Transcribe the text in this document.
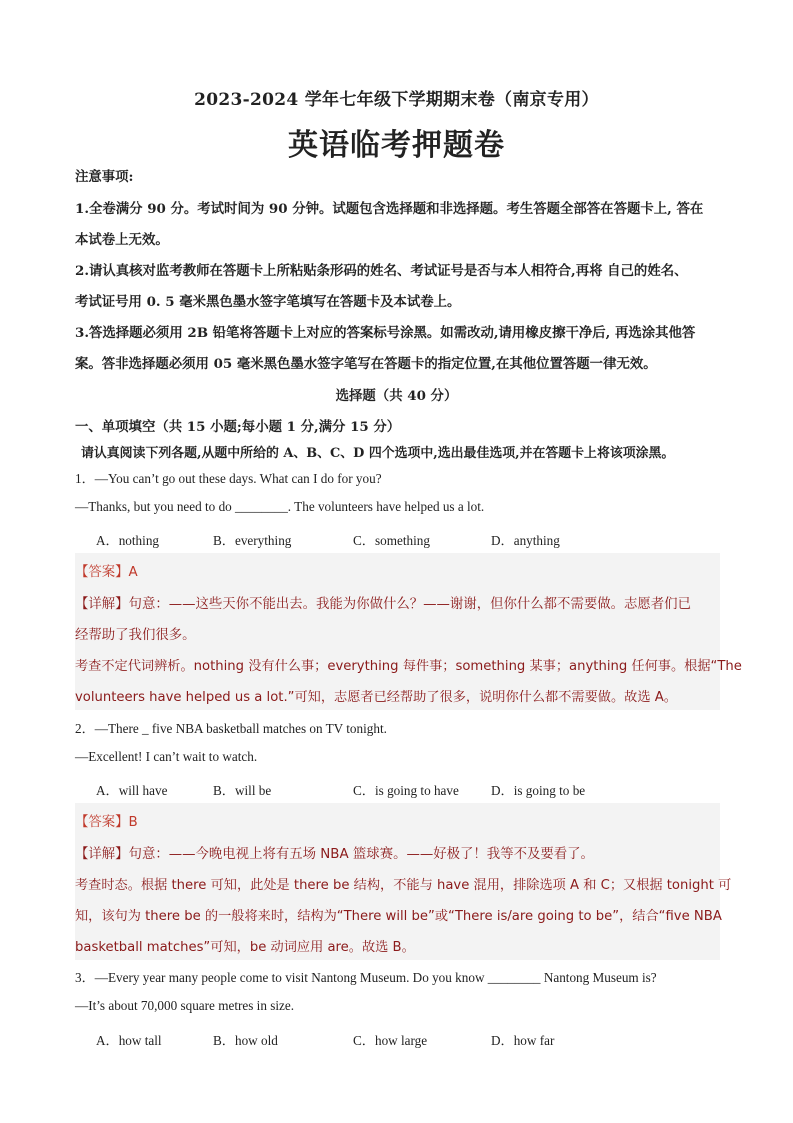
2023-2024 学年七年级下学期期末卷（南京专用）
英语临考押题卷
注意事项:
1.全卷满分 90 分。考试时间为 90 分钟。试题包含选择题和非选择题。考生答题全部答在答题卡上, 答在
本试卷上无效。
2.请认真核对监考教师在答题卡上所粘贴条形码的姓名、考试证号是否与本人相符合,再将 自己的姓名、
考试证号用 0. 5 毫米黑色墨水签字笔填写在答题卡及本试卷上。
3.答选择题必须用 2B 铅笔将答题卡上对应的答案标号涂黑。如需改动,请用橡皮擦干净后, 再选涂其他答
案。答非选择题必须用 05 毫米黑色墨水签字笔写在答题卡的指定位置,在其他位置答题一律无效。
选择题（共 40 分）
一、单项填空（共 15 小题;每小题 1 分,满分 15 分）
请认真阅读下列各题,从题中所给的 A、B、C、D 四个选项中,选出最佳选项,并在答题卡上将该项涂黑。
1．—You can’t go out these days. What can I do for you?
—Thanks, but you need to do ________. The volunteers have helped us a lot.
A．nothing	B．everything	C．something	D．anything
【答案】A
【详解】句意：——这些天你不能出去。我能为你做什么？——谢谢，但你什么都不需要做。志愿者们已
经帮助了我们很多。
考查不定代词辨析。nothing 没有什么事；everything 每件事；something 某事；anything 任何事。根据“The
volunteers have helped us a lot.”可知，志愿者已经帮助了很多，说明你什么都不需要做。故选 A。
2．—There _ five NBA basketball matches on TV tonight.
—Excellent! I can’t wait to watch.
A．will have	B．will be	C．is going to have D．is going to be
【答案】B
【详解】句意：——今晚电视上将有五场 NBA 篮球赛。——好极了！我等不及要看了。
考查时态。根据 there 可知，此处是 there be 结构，不能与 have 混用，排除选项 A 和 C；又根据 tonight 可
知，该句为 there be 的一般将来时，结构为“There will be”或“There is/are going to be”，结合“five NBA
basketball matches”可知，be 动词应用 are。故选 B。
3．—Every year many people come to visit Nantong Museum. Do you know ________ Nantong Museum is?
—It’s about 70,000 square metres in size.
A．how tall	B．how old	C．how large	D．how far
